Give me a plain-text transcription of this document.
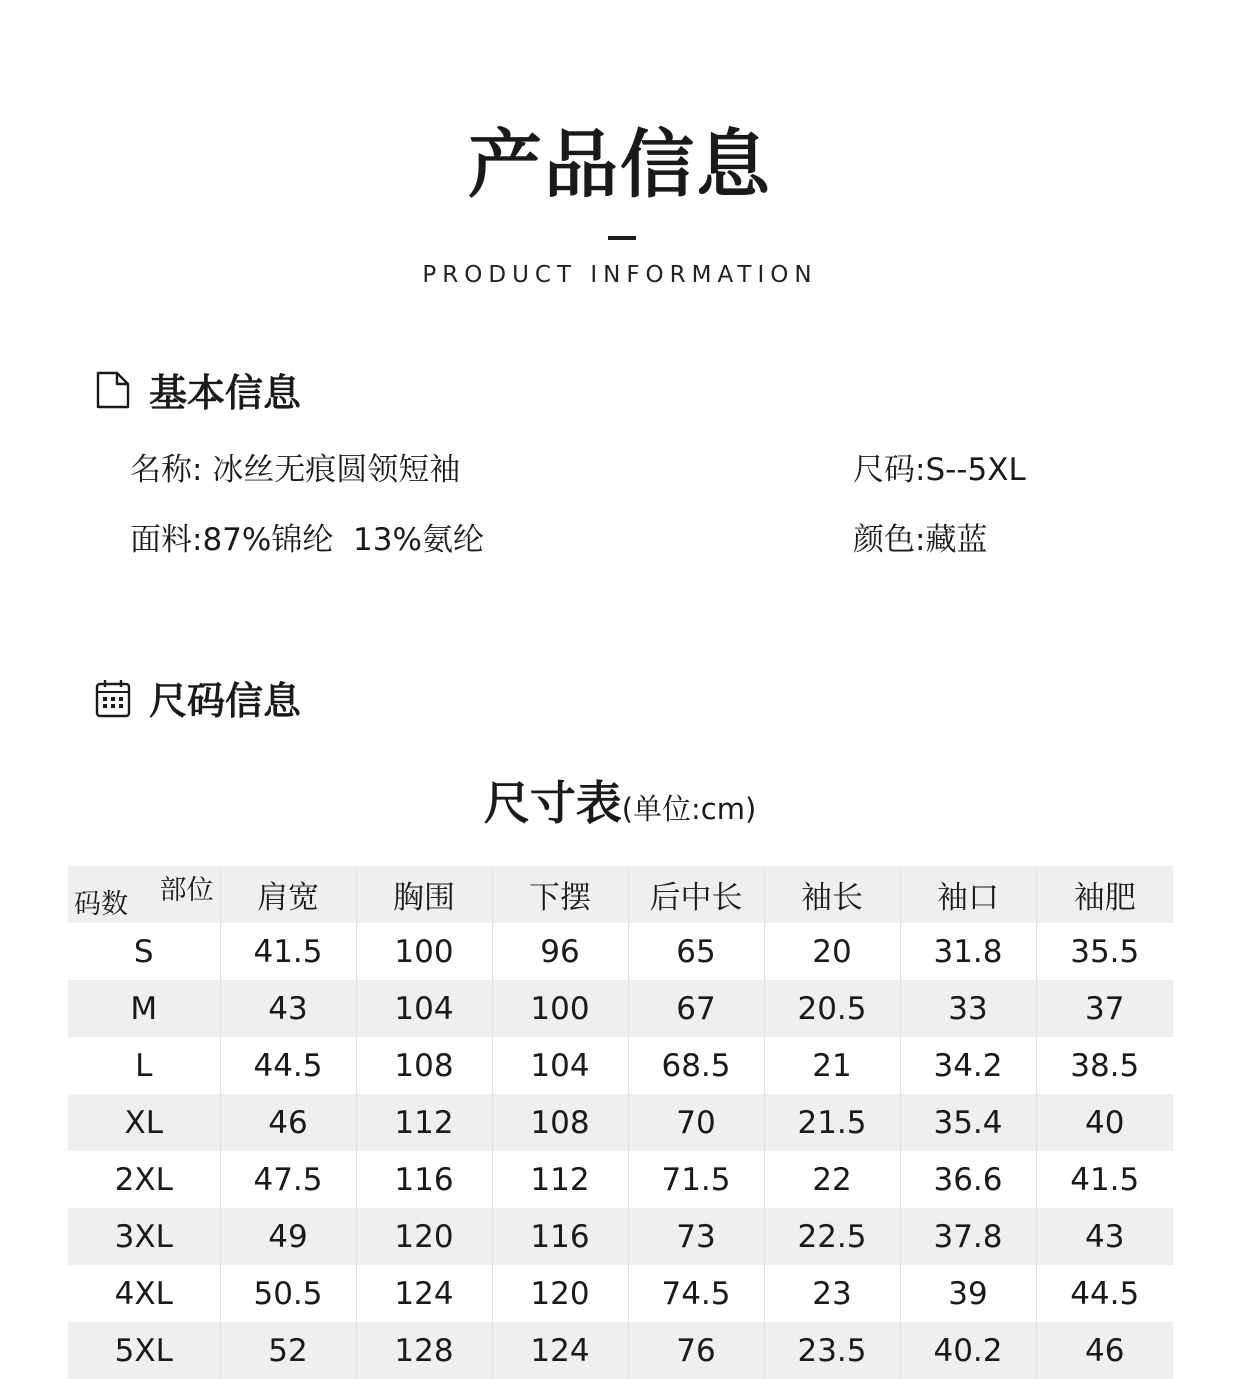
产品信息
PRODUCT INFORMATION
基本信息
名称: 冰丝无痕圆领短袖	尺码:S--5XL
面料:87%锦纶  13%氨纶	颜色:藏蓝
尺码信息
尺寸表(单位:cm)
部位
码数	肩宽	胸围	下摆	后中长	袖长	袖口	袖肥
S	41.5	100	96	65	20	31.8	35.5
M	43	104	100	67	20.5	33	37
L	44.5	108	104	68.5	21	34.2	38.5
XL	46	112	108	70	21.5	35.4	40
2XL	47.5	116	112	71.5	22	36.6	41.5
3XL	49	120	116	73	22.5	37.8	43
4XL	50.5	124	120	74.5	23	39	44.5
5XL	52	128	124	76	23.5	40.2	46
